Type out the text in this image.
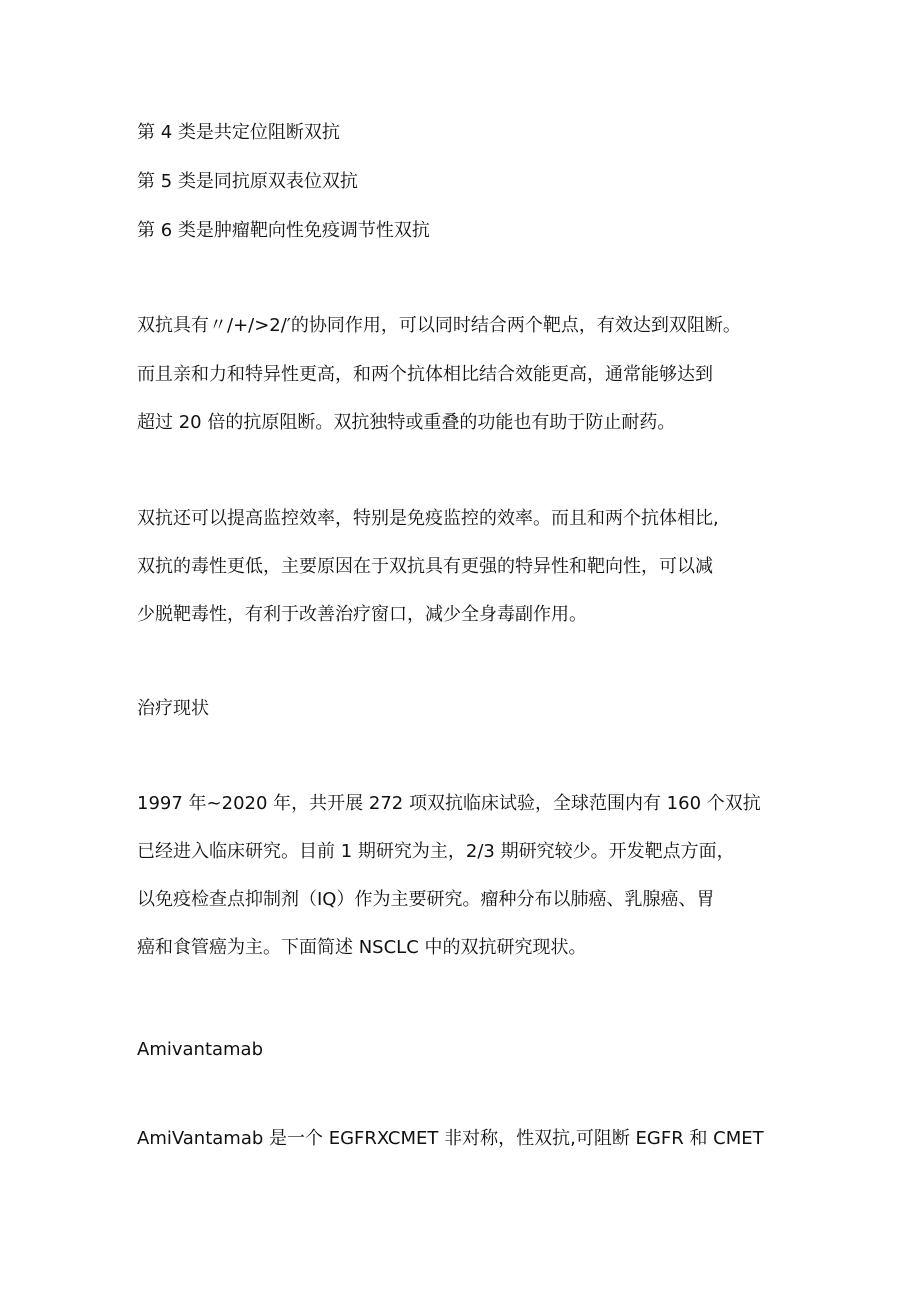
第 4 类是共定位阻断双抗

第 5 类是同抗原双表位双抗

第 6 类是肿瘤靶向性免疫调节性双抗

双抗具有〃/+/>2/′的协同作用，可以同时结合两个靶点，有效达到双阻断。

而且亲和力和特异性更高，和两个抗体相比结合效能更高，通常能够达到

超过 20 倍的抗原阻断。双抗独特或重叠的功能也有助于防止耐药。

双抗还可以提高监控效率，特别是免疫监控的效率。而且和两个抗体相比,

双抗的毒性更低，主要原因在于双抗具有更强的特异性和靶向性，可以减

少脱靶毒性，有利于改善治疗窗口，减少全身毒副作用。

治疗现状

1997 年~2020 年，共开展 272 项双抗临床试验，全球范围内有 160 个双抗

已经进入临床研究。目前 1 期研究为主，2/3 期研究较少。开发靶点方面，

以免疫检查点抑制剂（IQ）作为主要研究。瘤种分布以肺癌、乳腺癌、胃

癌和食管癌为主。下面简述 NSCLC 中的双抗研究现状。

Amivantamab

AmiVantamab 是一个 EGFRXCMET 非对称，性双抗,可阻断 EGFR 和 CMET
